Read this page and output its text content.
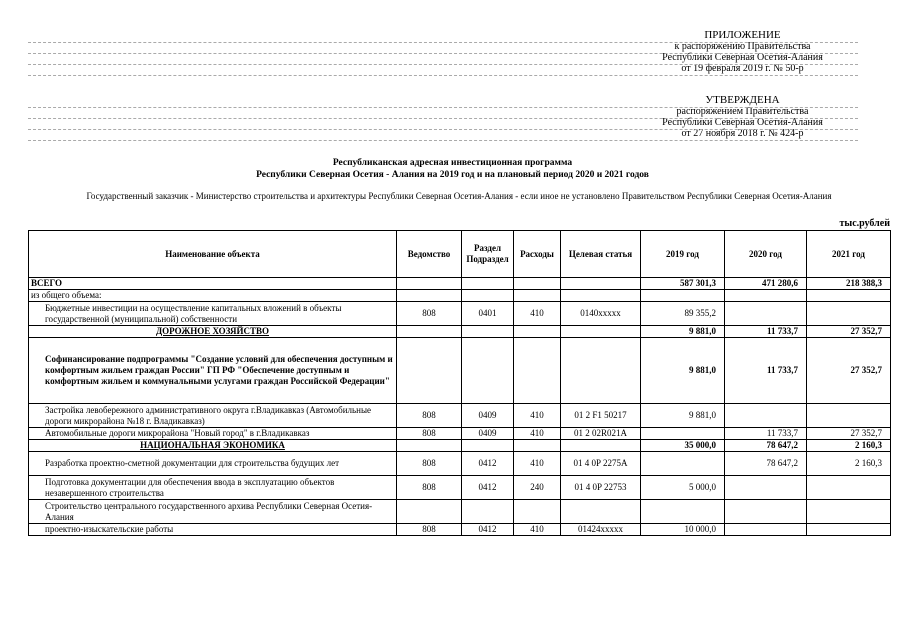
ПРИЛОЖЕНИЕ
к распоряжению Правительства
Республики Северная Осетия-Алания
от 19 февраля 2019 г. № 50-р
УТВЕРЖДЕНА
распоряжением Правительства
Республики Северная Осетия-Алания
от 27 ноября 2018 г. № 424-р
Республиканская адресная инвестиционная программа
Республики Северная Осетия - Алания на 2019 год и на плановый период 2020 и 2021 годов
Государственный заказчик - Министерство строительства и архитектуры Республики Северная Осетия-Алания - если иное не установлено Правительством Республики Северная Осетия-Алания
тыс.рублей
Наименование объекта	Ведомство	Раздел Подраздел	Расходы	Целевая статья	2019 год	2020 год	2021 год
ВСЕГО					587 301,3	471 280,6	218 388,3
из общего объема:							
Бюджетные инвестиции на осуществление капитальных вложений в объекты государственной (муниципальной) собственности	808	0401	410	0140xxxxx	89 355,2		
ДОРОЖНОЕ ХОЗЯЙСТВО					9 881,0	11 733,7	27 352,7
Софинансирование подпрограммы "Создание условий для обеспечения доступным и комфортным жильем граждан России" ГП РФ "Обеспечение доступным и комфортным жильем и коммунальными услугами граждан Российской Федерации"					9 881,0	11 733,7	27 352,7
Застройка левобережного административного округа г.Владикавказ (Автомобильные дороги микрорайона №18 г. Владикавказ)	808	0409	410	01 2 F1 50217	9 881,0		
Автомобильные дороги микрорайона "Новый город" в г.Владикавказ	808	0409	410	01 2 02R021A		11 733,7	27 352,7
НАЦИОНАЛЬНАЯ ЭКОНОМИКА					35 000,0	78 647,2	2 160,3
Разработка проектно-сметной документации для строительства будущих лет	808	0412	410	01 4 0P 2275A		78 647,2	2 160,3
Подготовка документации для обеспечения ввода в эксплуатацию объектов незавершенного строительства	808	0412	240	01 4 0P 22753	5 000,0		
Строительство центрального государственного архива Республики Северная Осетия-Алания							
проектно-изыскательские работы	808	0412	410	01424xxxxx	10 000,0		
